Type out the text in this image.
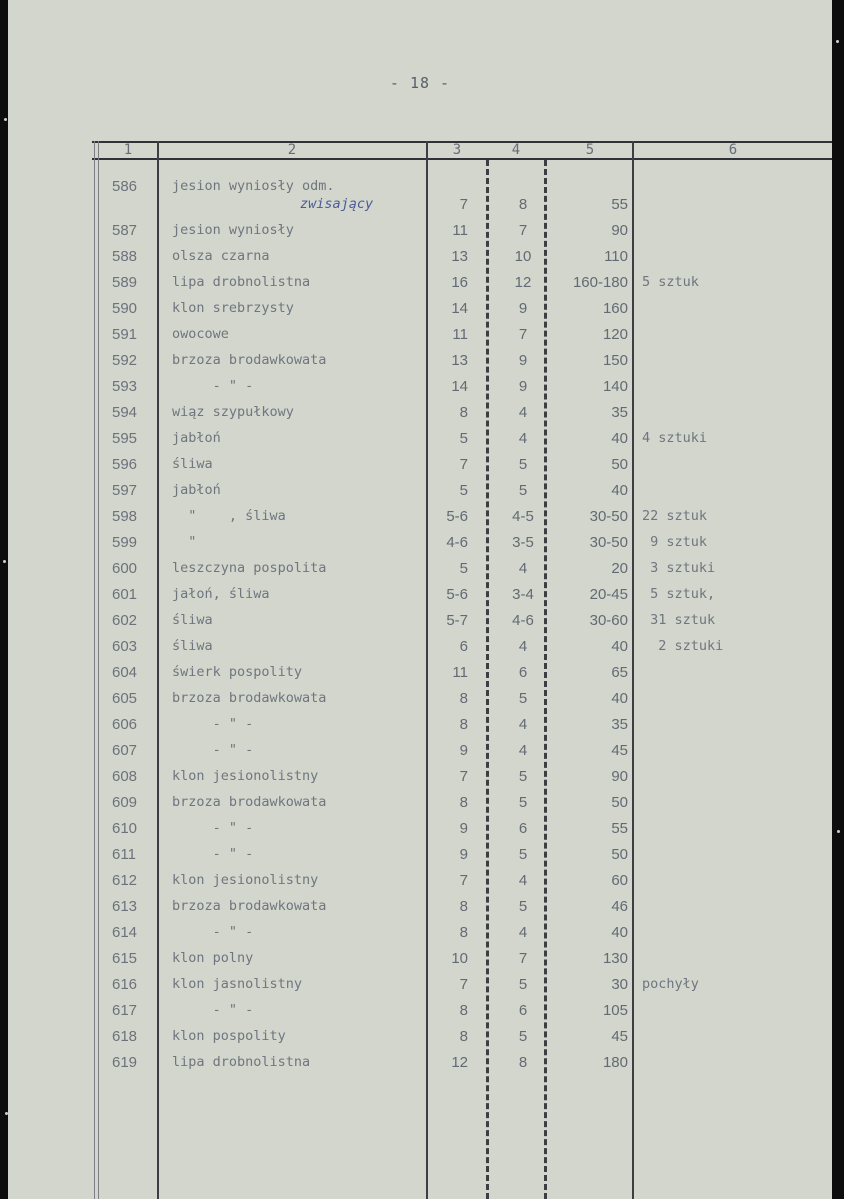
- 18 -
1	2	3	4	5	6
586	jesion wyniosły odm.
zwisający	7	8	55
587	jesion wyniosły	11	7	90
588	olsza czarna	13	10	110
589	lipa drobnolistna	16	12	160-180 5 sztuk
590	klon srebrzysty	14	9	160
591	owocowe	11	7	120
592	brzoza brodawkowata	13	9	150
593	- " -	14	9	140
594	wiąz szypułkowy	8	4	35
595	jabłoń	5	4	40 4 sztuki
596	śliwa	7	5	50
597	jabłoń	5	5	40
598	"    , śliwa	5-6	4-5	30-50 22 sztuk
599	"	4-6	3-5	30-50 9 sztuk
600	leszczyna pospolita	5	4	20 3 sztuki
601	jałoń, śliwa	5-6	3-4	20-45 5 sztuk,
602	śliwa	5-7	4-6	30-60 31 sztuk
603	śliwa	6	4	40 2 sztuki
604	świerk pospolity	11	6	65
605	brzoza brodawkowata	8	5	40
606	- " -	8	4	35
607	- " -	9	4	45
608	klon jesionolistny	7	5	90
609	brzoza brodawkowata	8	5	50
610	- " -	9	6	55
611	- " -	9	5	50
612	klon jesionolistny	7	4	60
613	brzoza brodawkowata	8	5	46
614	- " -	8	4	40
615	klon polny	10	7	130
616	klon jasnolistny	7	5	30 pochyły
617	- " -	8	6	105
618	klon pospolity	8	5	45
619	lipa drobnolistna	12	8	180
